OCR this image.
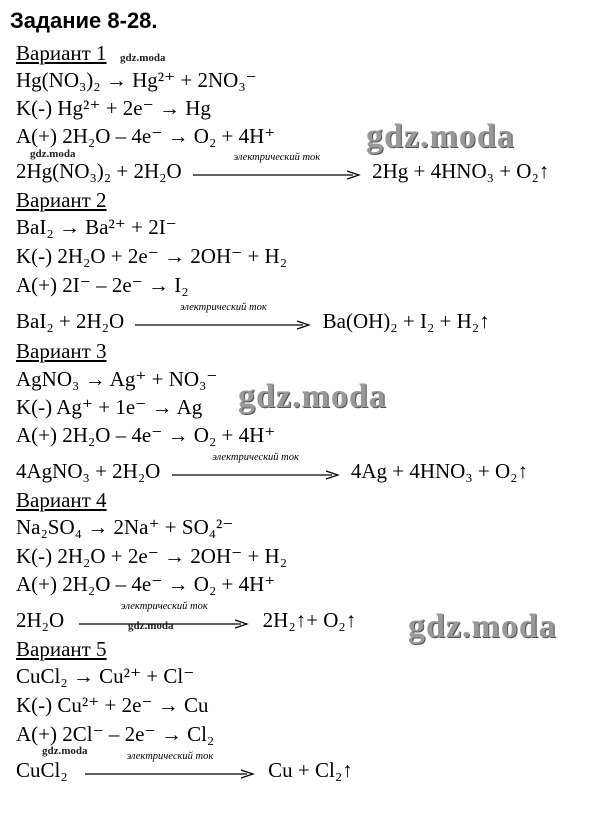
Задание 8-28.
Вариант 1
Hg(NO₃)₂ → Hg²⁺ + 2NO₃⁻
K(-) Hg²⁺ + 2e⁻ → Hg
A(+) 2H₂O – 4e⁻ → O₂ + 4H⁺
2Hg(NO₃)₂ + 2H₂O
электрический ток
2Hg + 4HNO₃ + O₂↑
Вариант 2
BaI₂ → Ba²⁺ + 2I⁻
K(-) 2H₂O + 2e⁻ → 2OH⁻ + H₂
A(+) 2I⁻ – 2e⁻ → I₂
BaI₂ + 2H₂O
электрический ток
Ba(OH)₂ + I₂ + H₂↑
Вариант 3
AgNO₃ → Ag⁺ + NO₃⁻
K(-) Ag⁺ + 1e⁻ → Ag
A(+) 2H₂O – 4e⁻ → O₂ + 4H⁺
4AgNO₃ + 2H₂O
электрический ток
4Ag + 4HNO₃ + O₂↑
Вариант 4
Na₂SO₄ → 2Na⁺ + SO₄²⁻
K(-) 2H₂O + 2e⁻ → 2OH⁻ + H₂
A(+) 2H₂O – 4e⁻ → O₂ + 4H⁺
2H₂O
электрический ток
2H₂↑+ O₂↑
Вариант 5
CuCl₂ → Cu²⁺ + Cl⁻
K(-) Cu²⁺ + 2e⁻ → Cu
A(+) 2Cl⁻ – 2e⁻ → Cl₂
CuCl₂
электрический ток
Cu + Cl₂↑
gdz.moda
gdz.moda
gdz.moda
gdz.moda
gdz.moda
gdz.moda
gdz.moda
